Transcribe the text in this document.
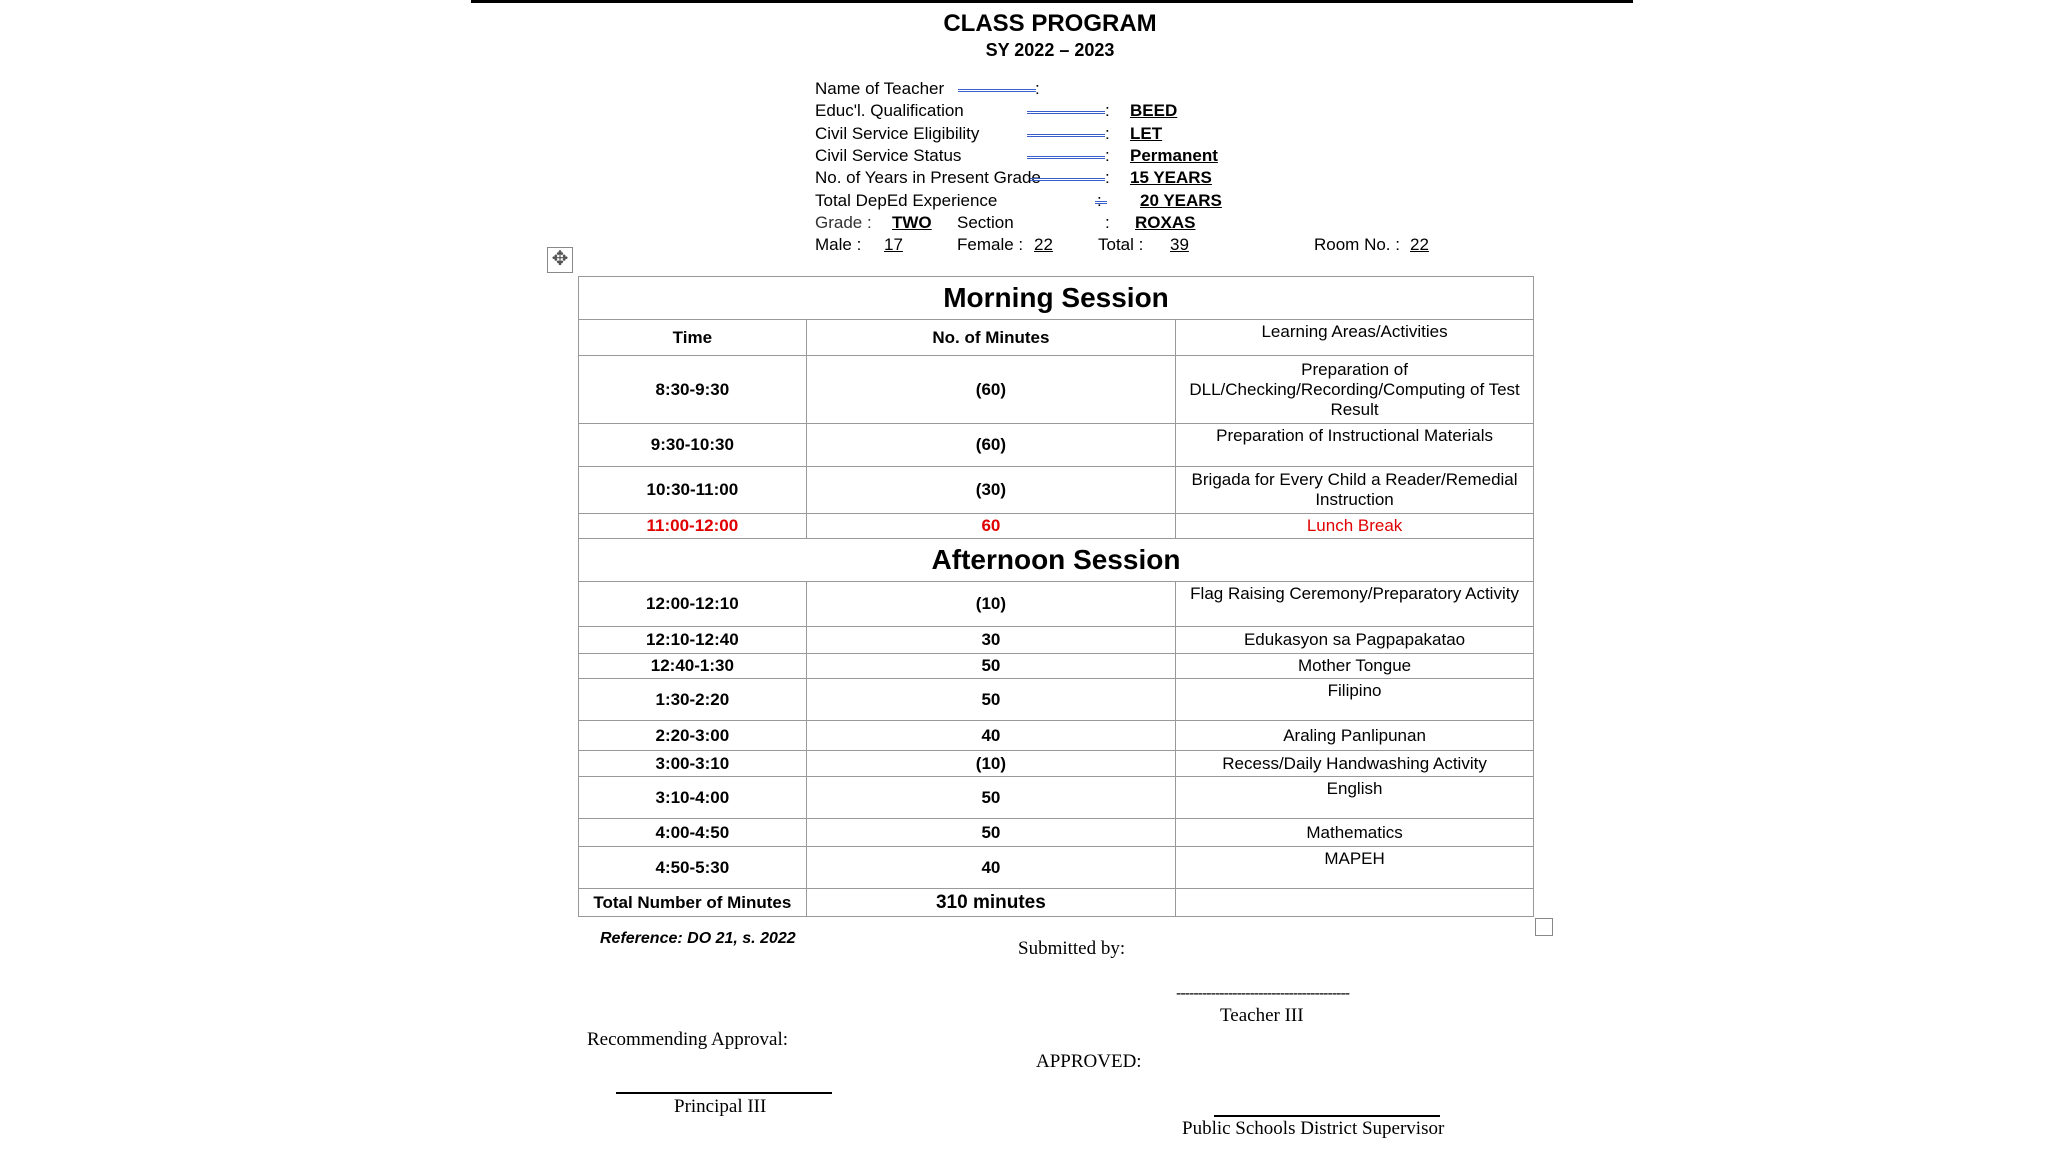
CLASS PROGRAM
SY 2022 – 2023
Name of Teacher	:
Educ'l. Qualification	: BEED
Civil Service Eligibility	: LET
Civil Service Status	: Permanent
No. of Years in Present Grade	: 15 YEARS
Total DepEd Experience	: 20 YEARS
Grade : TWO Section	: ROXAS
Male : 17	Female : 22	Total : 39	Room No. : 22
✥
Morning Session		
Time	No. of Minutes	Learning Areas/Activities
8:30-9:30	(60)	Preparation of DLL/Checking/Recording/Computing of Test Result
9:30-10:30	(60)	Preparation of Instructional Materials
10:30-11:00	(30)	Brigada for Every Child a Reader/Remedial Instruction
11:00-12:00	60	Lunch Break
Afternoon Session		
12:00-12:10	(10)	Flag Raising Ceremony/Preparatory Activity
12:10-12:40	30	Edukasyon sa Pagpapakatao
12:40-1:30	50	Mother Tongue
1:30-2:20	50	Filipino
2:20-3:00	40	Araling Panlipunan
3:00-3:10	(10)	Recess/Daily Handwashing Activity
3:10-4:00	50	English
4:00-4:50	50	Mathematics
4:50-5:30	40	MAPEH
Total Number of Minutes	310 minutes	
Reference: DO 21, s. 2022	Submitted by:
----------------------------------------
Teacher III
Recommending Approval:
Principal III
APPROVED:
Public Schools District Supervisor
